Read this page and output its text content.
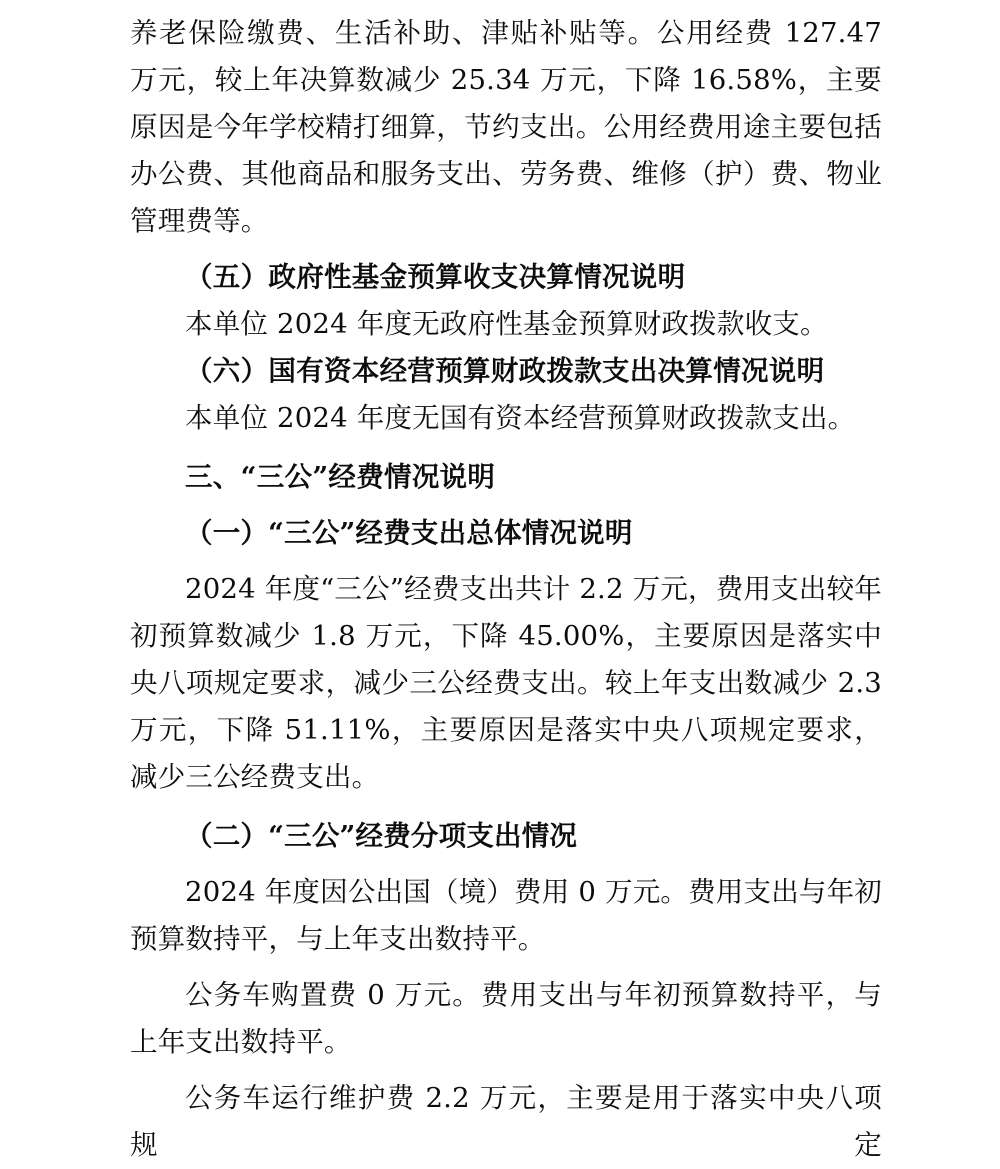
养老保险缴费、生活补助、津贴补贴等。公用经费 127.47 万元，较上年决算数减少 25.34 万元，下降 16.58%，主要原因是今年学校精打细算，节约支出。公用经费用途主要包括办公费、其他商品和服务支出、劳务费、维修（护）费、物业管理费等。

（五）政府性基金预算收支决算情况说明

本单位 2024 年度无政府性基金预算财政拨款收支。

（六）国有资本经营预算财政拨款支出决算情况说明

本单位 2024 年度无国有资本经营预算财政拨款支出。

三、“三公”经费情况说明

（一）“三公”经费支出总体情况说明

2024 年度“三公”经费支出共计 2.2 万元，费用支出较年初预算数减少 1.8 万元，下降 45.00%，主要原因是落实中央八项规定要求，减少三公经费支出。较上年支出数减少 2.3 万元，下降 51.11%，主要原因是落实中央八项规定要求，减少三公经费支出。

（二）“三公”经费分项支出情况

2024 年度因公出国（境）费用 0 万元。费用支出与年初预算数持平，与上年支出数持平。

公务车购置费 0 万元。费用支出与年初预算数持平，与上年支出数持平。

公务车运行维护费 2.2 万元，主要是用于落实中央八项规定
